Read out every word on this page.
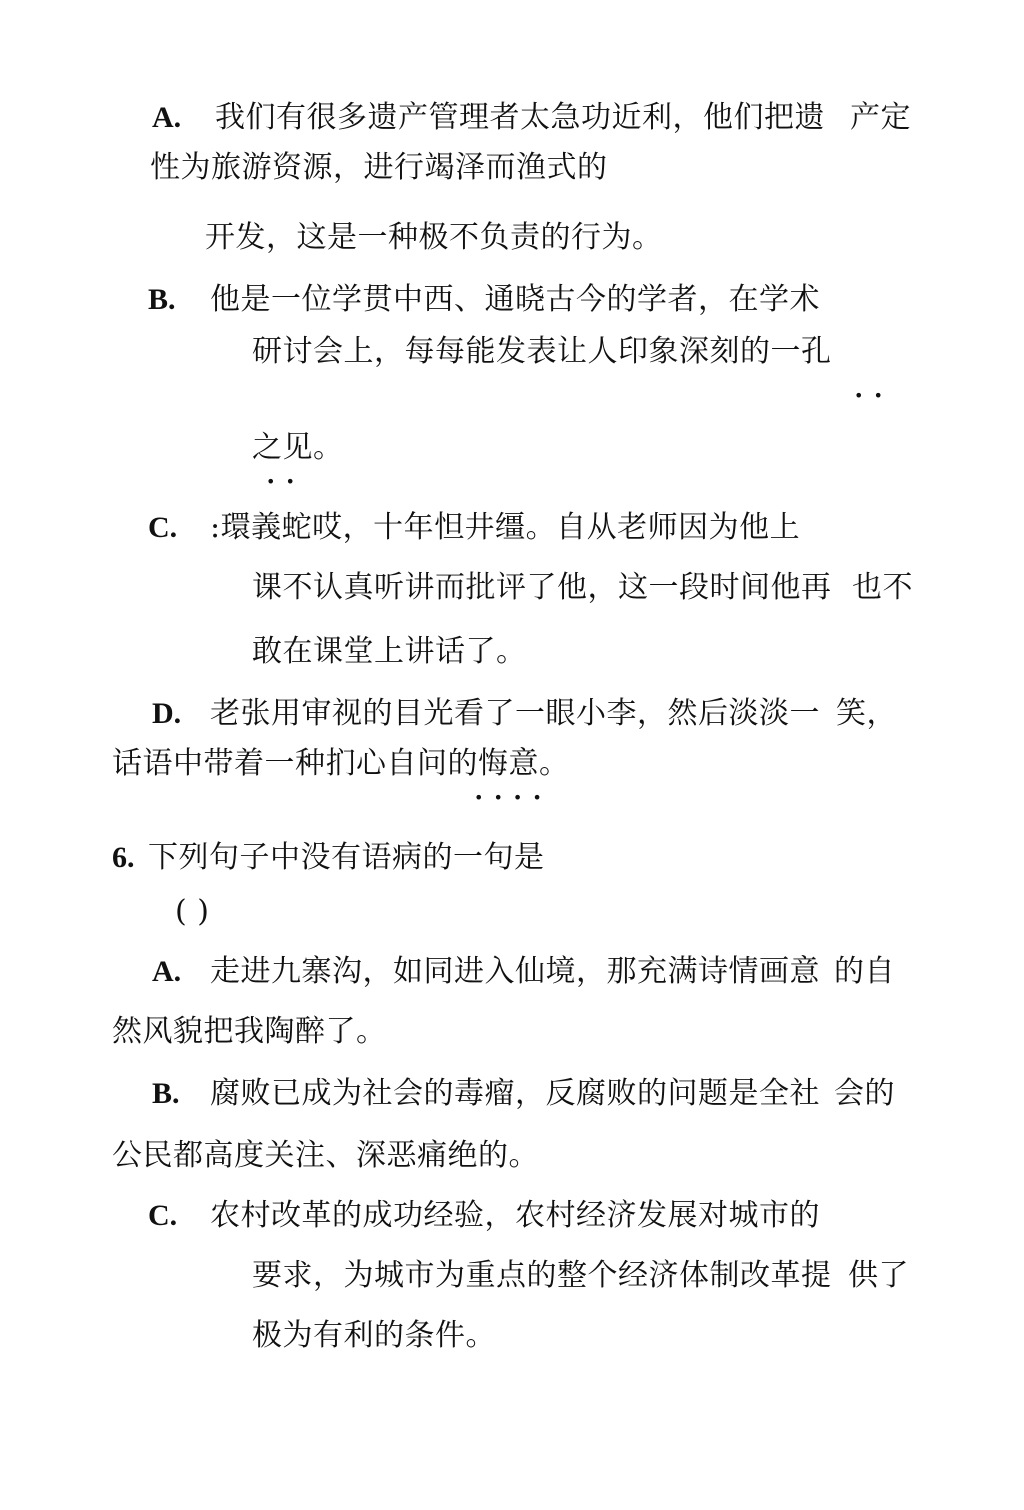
A. 我们有很多遗产管理者太急功近利，他们把遗 产定
性为旅游资源，进行竭泽而渔式的
开发，这是一种极不负责的行为。
B. 他是一位学贯中西、通晓古今的学者，在学术
研讨会上，每每能发表让人印象深刻的一孔
••
之见。
••
C. :環義蛇哎，十年怛井缰。自从老师因为他上
课不认真听讲而批评了他，这一段时间他再 也不
敢在课堂上讲话了。
D. 老张用审视的目光看了一眼小李，然后淡淡一 笑，
话语中带着一种扪心自问的悔意。
••••
6. 下列句子中没有语病的一句是
( )
A. 走进九寨沟，如同进入仙境，那充满诗情画意 的自
然风貌把我陶醉了。
B. 腐败已成为社会的毒瘤，反腐败的问题是全社 会的
公民都高度关注、深恶痛绝的。
C. 农村改革的成功经验，农村经济发展对城市的
要求，为城市为重点的整个经济体制改革提 供了
极为有利的条件。
